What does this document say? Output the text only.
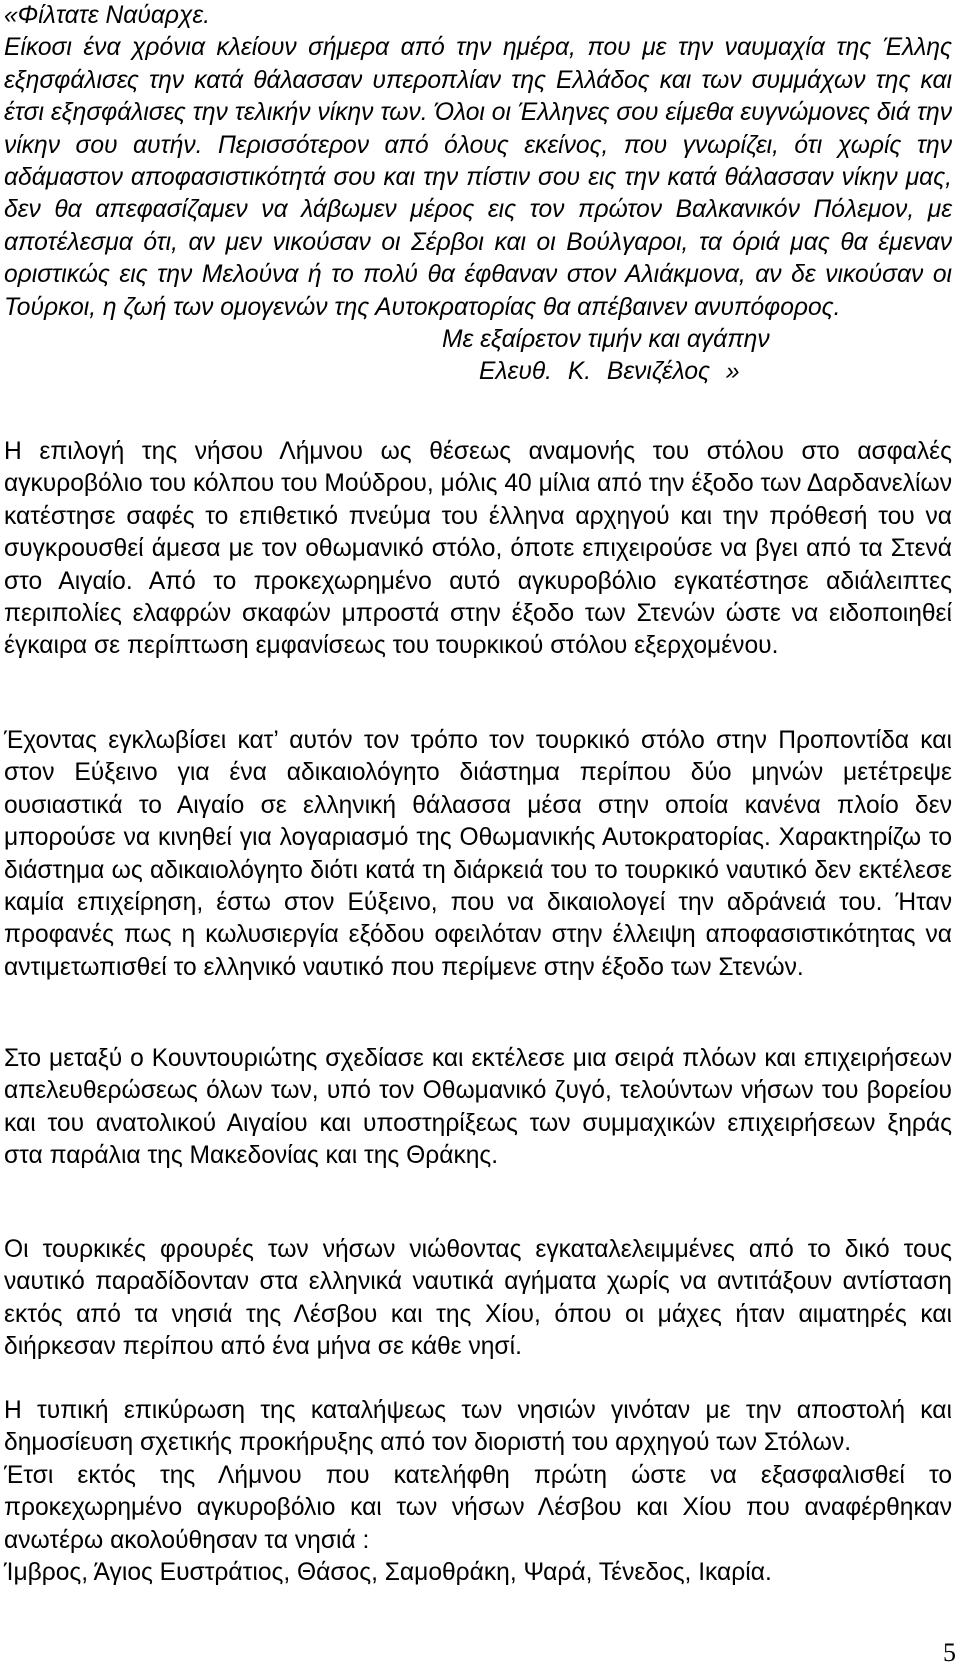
«Φίλτατε Ναύαρχε.
Είκοσι ένα χρόνια κλείουν σήμερα από την ημέρα, που με την ναυμαχία της Έλλης εξησφάλισες την κατά θάλασσαν υπεροπλίαν της Ελλάδος και των συμμάχων της και έτσι εξησφάλισες την τελικήν νίκην των. Όλοι οι Έλληνες σου είμεθα ευγνώμονες διά την νίκην σου αυτήν. Περισσότερον από όλους εκείνος, που γνωρίζει, ότι χωρίς την αδάμαστον αποφασιστικότητά σου και την πίστιν σου εις την κατά θάλασσαν νίκην μας, δεν θα απεφασίζαμεν να λάβωμεν μέρος εις τον πρώτον Βαλκανικόν Πόλεμον, με αποτέλεσμα ότι, αν μεν νικούσαν οι Σέρβοι και οι Βούλγαροι, τα όριά μας θα έμεναν οριστικώς εις την Μελούνα ή το πολύ θα έφθαναν στον Αλιάκμονα, αν δε νικούσαν οι Τούρκοι, η ζωή των ομογενών της Αυτοκρατορίας θα απέβαινεν ανυπόφορος.
Με εξαίρετον τιμήν και αγάπην
Ελευθ. Κ. Βενιζέλος »

Η επιλογή της νήσου Λήμνου ως θέσεως αναμονής του στόλου στο ασφαλές αγκυροβόλιο του κόλπου του Μούδρου, μόλις 40 μίλια από την έξοδο των Δαρδανελίων κατέστησε σαφές το επιθετικό πνεύμα του έλληνα αρχηγού και την πρόθεσή του να συγκρουσθεί άμεσα με τον οθωμανικό στόλο, όποτε επιχειρούσε να βγει από τα Στενά στο Αιγαίο. Από το προκεχωρημένο αυτό αγκυροβόλιο εγκατέστησε αδιάλειπτες περιπολίες ελαφρών σκαφών μπροστά στην έξοδο των Στενών ώστε να ειδοποιηθεί έγκαιρα σε περίπτωση εμφανίσεως του τουρκικού στόλου εξερχομένου.

Έχοντας εγκλωβίσει κατ’ αυτόν τον τρόπο τον τουρκικό στόλο στην Προποντίδα και στον Εύξεινο για ένα αδικαιολόγητο διάστημα περίπου δύο μηνών μετέτρεψε ουσιαστικά το Αιγαίο σε ελληνική θάλασσα μέσα στην οποία κανένα πλοίο δεν μπορούσε να κινηθεί για λογαριασμό της Οθωμανικής Αυτοκρατορίας. Χαρακτηρίζω το διάστημα ως αδικαιολόγητο διότι κατά τη διάρκειά του το τουρκικό ναυτικό δεν εκτέλεσε καμία επιχείρηση, έστω στον Εύξεινο, που να δικαιολογεί την αδράνειά του. Ήταν προφανές πως η κωλυσιεργία εξόδου οφειλόταν στην έλλειψη αποφασιστικότητας να αντιμετωπισθεί το ελληνικό ναυτικό που περίμενε στην έξοδο των Στενών.

Στο μεταξύ ο Κουντουριώτης σχεδίασε και εκτέλεσε μια σειρά πλόων και επιχειρήσεων απελευθερώσεως όλων των, υπό τον Οθωμανικό ζυγό, τελούντων νήσων του βορείου και του ανατολικού Αιγαίου και υποστηρίξεως των συμμαχικών επιχειρήσεων ξηράς στα παράλια της Μακεδονίας και της Θράκης.

Οι τουρκικές φρουρές των νήσων νιώθοντας εγκαταλελειμμένες από το δικό τους ναυτικό παραδίδονταν στα ελληνικά ναυτικά αγήματα χωρίς να αντιτάξουν αντίσταση εκτός από τα νησιά της Λέσβου και της Χίου, όπου οι μάχες ήταν αιματηρές και διήρκεσαν περίπου από ένα μήνα σε κάθε νησί.

Η τυπική επικύρωση της καταλήψεως των νησιών γινόταν με την αποστολή και δημοσίευση σχετικής προκήρυξης από τον διοριστή του αρχηγού των Στόλων.
Έτσι εκτός της Λήμνου που κατελήφθη πρώτη ώστε να εξασφαλισθεί το προκεχωρημένο αγκυροβόλιο και των νήσων Λέσβου και Χίου που αναφέρθηκαν ανωτέρω ακολούθησαν τα νησιά :
Ίμβρος, Άγιος Ευστράτιος, Θάσος, Σαμοθράκη, Ψαρά, Τένεδος, Ικαρία.

5
